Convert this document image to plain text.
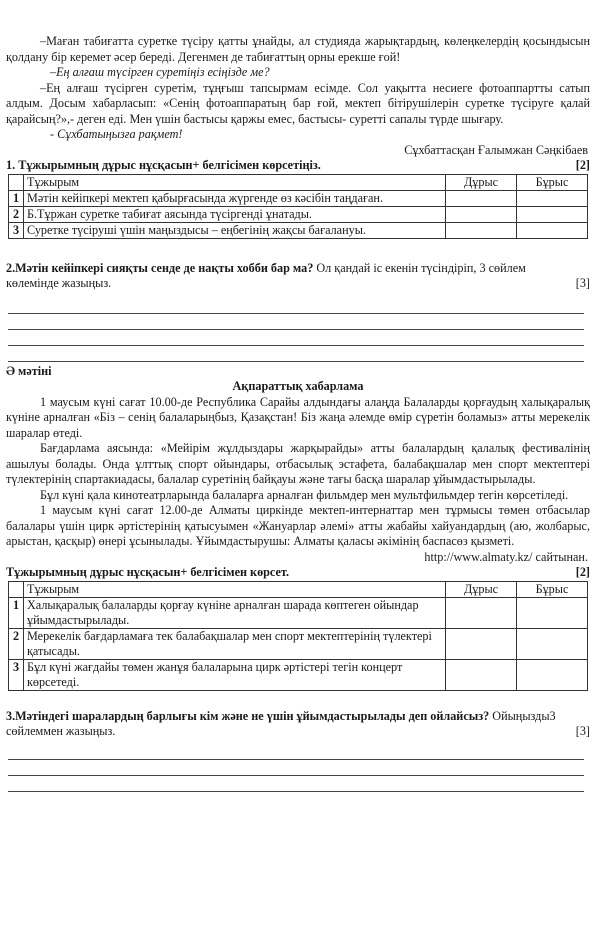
–Маған табиғатта суретке түсіру қатты ұнайды, ал студияда жарықтардың, көлеңкелердің қосындысын қолдану бір керемет әсер береді. Дегенмен де табиғаттың орны ерекше ғой!

–Ең алғаш түсірген суретіңіз есіңізде ме?

–Ең алғаш түсірген суретім, тұңғыш тапсырмам есімде. Сол уақытта несиеге фотоаппартты сатып алдым. Досым хабарласып: «Сенің фотоаппаратың бар ғой, мектеп бітірушілерін суретке түсіруге қалай қарайсың?»,- деген еді. Мен үшін бастысы қаржы емес, бастысы- суретті сапалы түрде шығару.

- Сұхбатыңызға рақмет!

Сұхбаттасқан Ғалымжан Сәңкібаев

1. Тұжырымның дұрыс нұсқасын+ белгісімен көрсетіңіз.	[2]
	Тұжырым	Дұрыс	Бұрыс
1	Мәтін кейіпкері мектеп қабырғасында жүргенде өз кәсібін таңдаған.		
2	Б.Тұржан суретке табиғат аясында түсіргенді ұнатады.		
3	Суретке түсіруші үшін маңыздысы – еңбегінің жақсы бағалануы.		
2.Мәтін кейіпкері сияқты сенде де нақты хобби бар ма? Ол қандай іс екенін түсіндіріп, 3 сөйлем көлемінде жазыңыз.	[3]

Ә мәтіні

Ақпараттық хабарлама

1 маусым күні сағат 10.00-де Республика Сарайы алдындағы алаңда Балаларды қорғаудың халықаралық күніне арналған «Біз – сенің балаларыңбыз, Қазақстан! Біз жаңа әлемде өмір сүретін боламыз» атты мерекелік шаралар өтеді.

Бағдарлама аясында: «Мейірім жұлдыздары жарқырайды» атты балалардың қалалық фестивалінің ашылуы болады. Онда ұлттық спорт ойындары, отбасылық эстафета, балабақшалар мен спорт мектептері түлектерінің спартакиадасы, балалар суретінің байқауы және тағы басқа шаралар ұйымдастырылады.

Бұл күні қала кинотеатрларында балаларға арналған фильмдер мен мультфильмдер тегін көрсетіледі.

1 маусым күні сағат 12.00-де Алматы циркінде мектеп-интернаттар мен тұрмысы төмен отбасылар балалары үшін цирк әртістерінің қатысуымен «Жануарлар әлемі» атты жабайы хайуандардың (аю, жолбарыс, арыстан, қасқыр) өнері ұсынылады. Ұйымдастырушы: Алматы қаласы әкімінің баспасөз қызметі.

http://www.almaty.kz/ сайтынан.

Тұжырымның дұрыс нұсқасын+ белгісімен көрсет.	[2]
	Тұжырым	Дұрыс	Бұрыс
1	Халықаралық балаларды қорғау күніне арналған шарада көптеген ойындар ұйымдастырылады.		
2	Мерекелік бағдарламаға тек балабақшалар мен спорт мектептерінің түлектері қатысады.		
3	Бұл күні жағдайы төмен жанұя балаларына цирк әртістері тегін концерт көрсетеді.		
3.Мәтіндегі шаралардың барлығы кім және не үшін ұйымдастырылады деп ойлайсыз? Ойыңызды3 сөйлеммен жазыңыз.	[3]
